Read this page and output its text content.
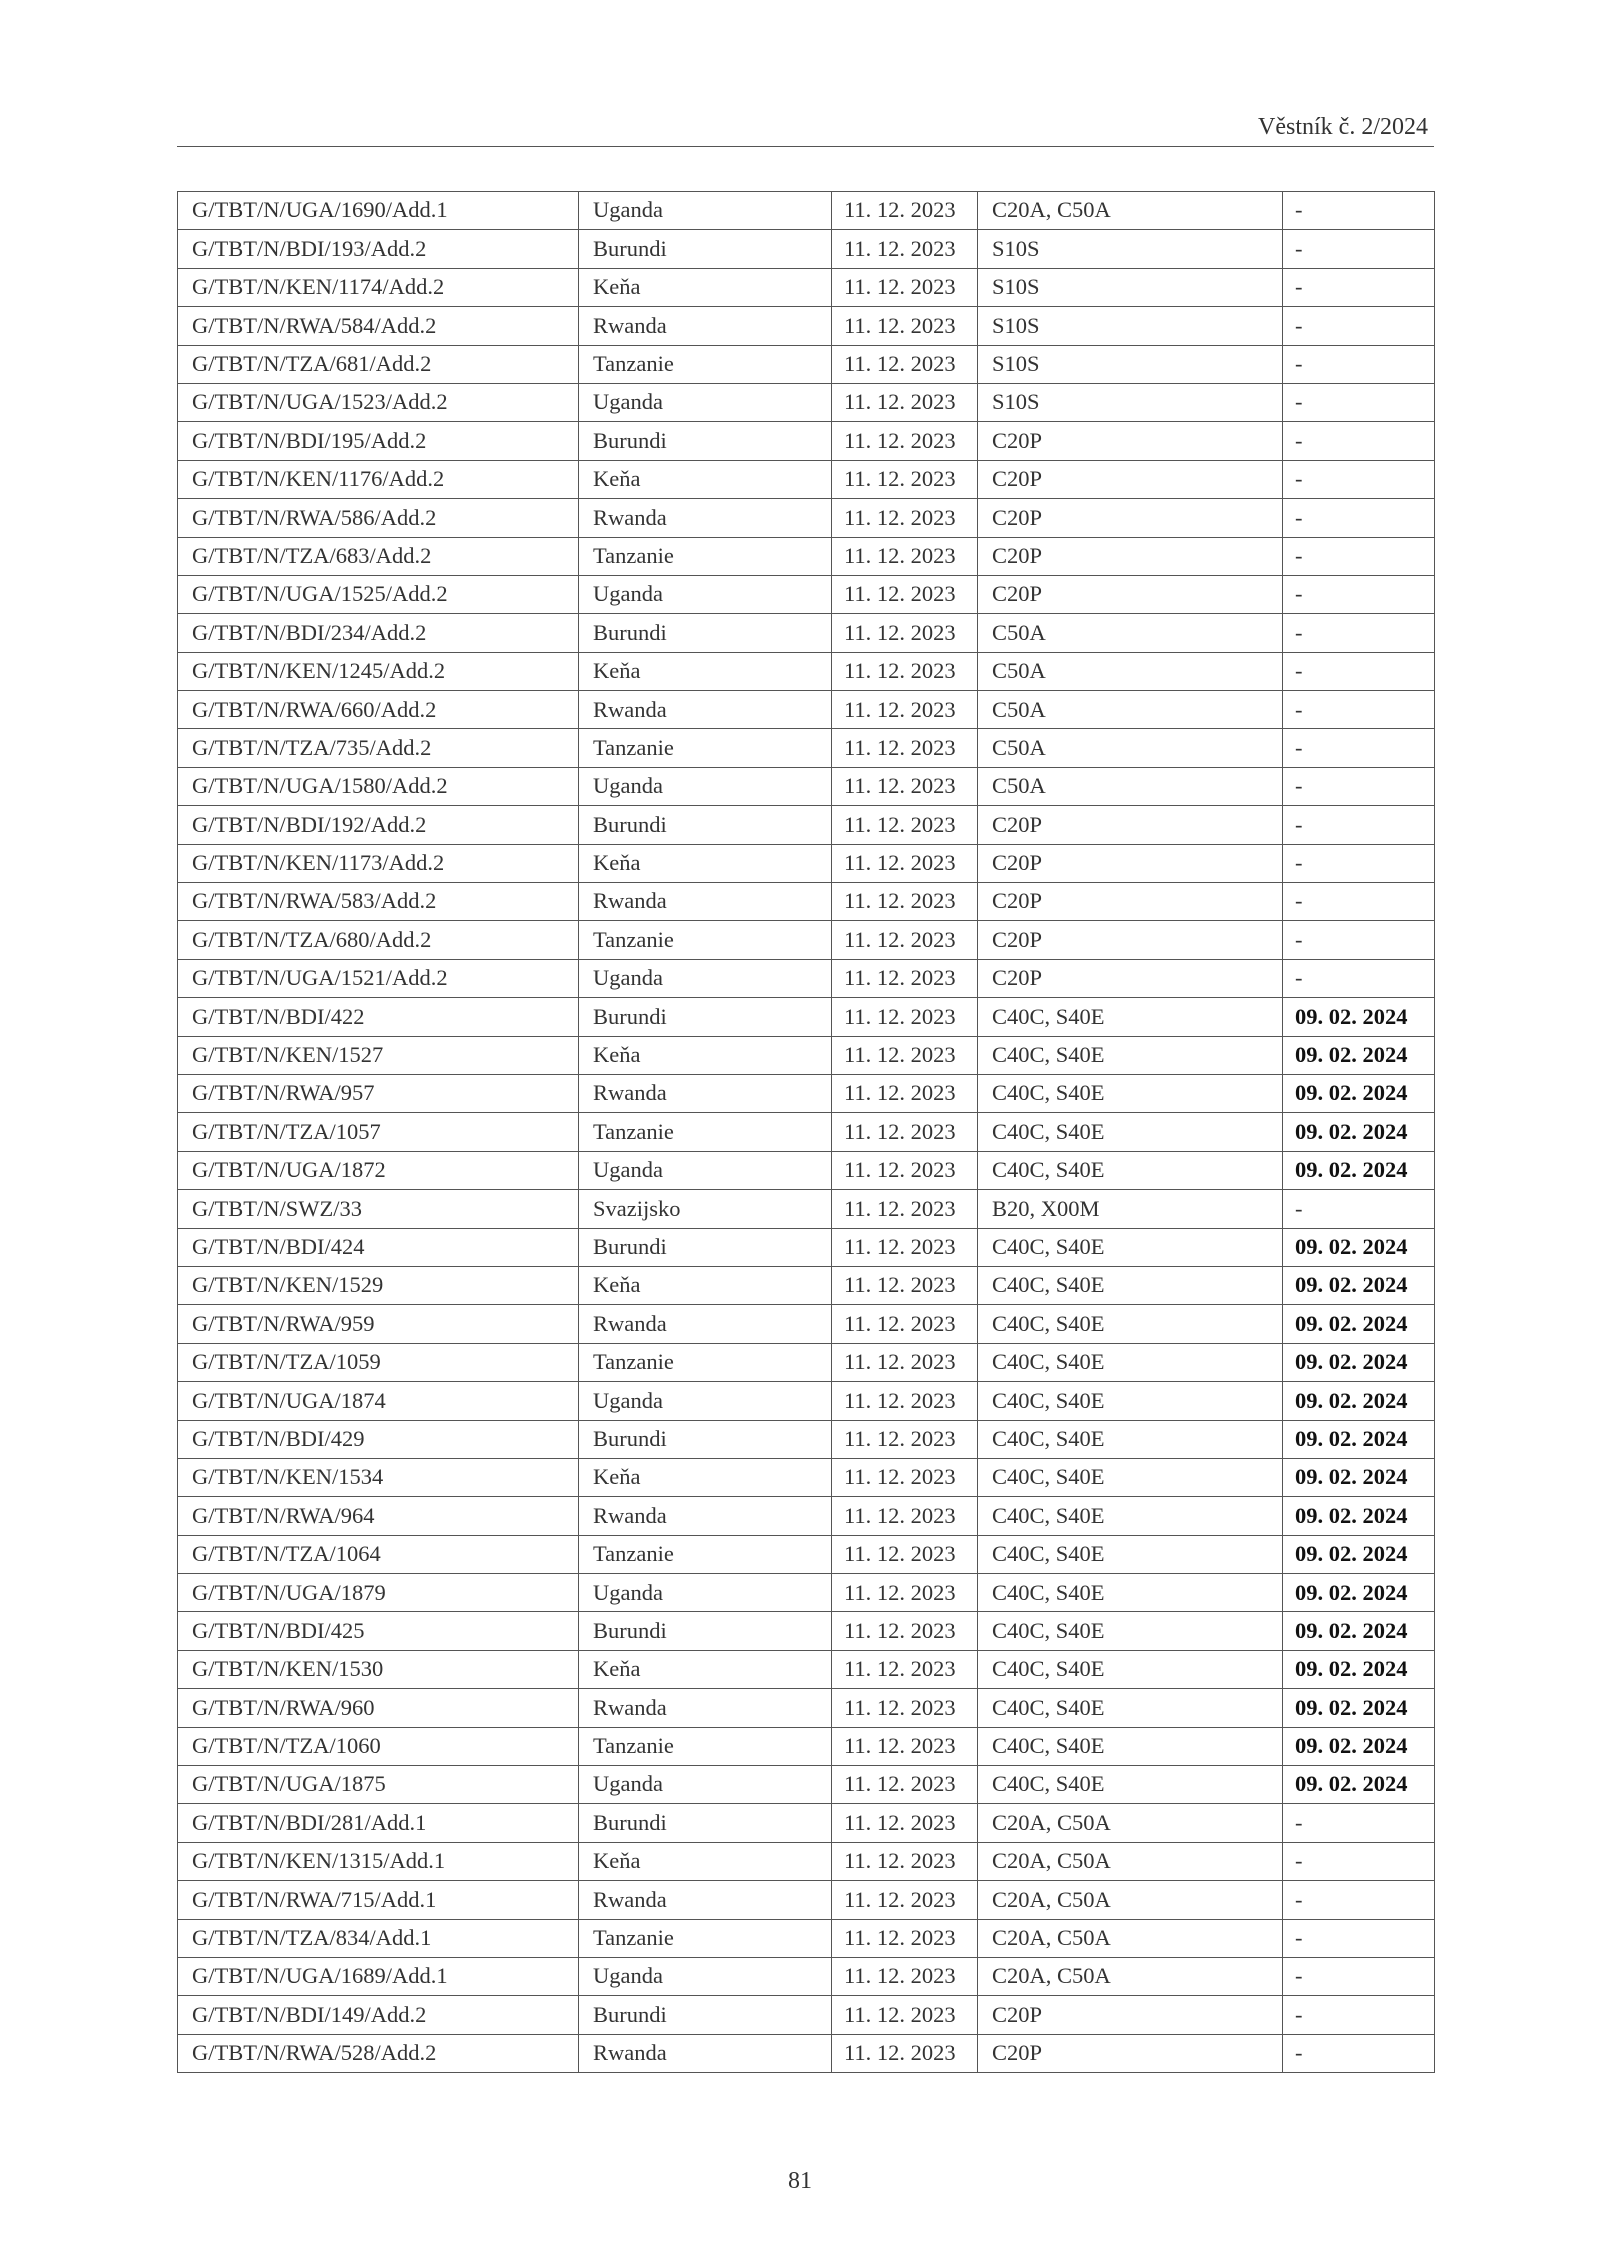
Věstník č. 2/2024
G/TBT/N/UGA/1690/Add.1	Uganda	11. 12. 2023	C20A, C50A	-
G/TBT/N/BDI/193/Add.2	Burundi	11. 12. 2023	S10S	-
G/TBT/N/KEN/1174/Add.2	Keňa	11. 12. 2023	S10S	-
G/TBT/N/RWA/584/Add.2	Rwanda	11. 12. 2023	S10S	-
G/TBT/N/TZA/681/Add.2	Tanzanie	11. 12. 2023	S10S	-
G/TBT/N/UGA/1523/Add.2	Uganda	11. 12. 2023	S10S	-
G/TBT/N/BDI/195/Add.2	Burundi	11. 12. 2023	C20P	-
G/TBT/N/KEN/1176/Add.2	Keňa	11. 12. 2023	C20P	-
G/TBT/N/RWA/586/Add.2	Rwanda	11. 12. 2023	C20P	-
G/TBT/N/TZA/683/Add.2	Tanzanie	11. 12. 2023	C20P	-
G/TBT/N/UGA/1525/Add.2	Uganda	11. 12. 2023	C20P	-
G/TBT/N/BDI/234/Add.2	Burundi	11. 12. 2023	C50A	-
G/TBT/N/KEN/1245/Add.2	Keňa	11. 12. 2023	C50A	-
G/TBT/N/RWA/660/Add.2	Rwanda	11. 12. 2023	C50A	-
G/TBT/N/TZA/735/Add.2	Tanzanie	11. 12. 2023	C50A	-
G/TBT/N/UGA/1580/Add.2	Uganda	11. 12. 2023	C50A	-
G/TBT/N/BDI/192/Add.2	Burundi	11. 12. 2023	C20P	-
G/TBT/N/KEN/1173/Add.2	Keňa	11. 12. 2023	C20P	-
G/TBT/N/RWA/583/Add.2	Rwanda	11. 12. 2023	C20P	-
G/TBT/N/TZA/680/Add.2	Tanzanie	11. 12. 2023	C20P	-
G/TBT/N/UGA/1521/Add.2	Uganda	11. 12. 2023	C20P	-
G/TBT/N/BDI/422	Burundi	11. 12. 2023	C40C, S40E	09. 02. 2024
G/TBT/N/KEN/1527	Keňa	11. 12. 2023	C40C, S40E	09. 02. 2024
G/TBT/N/RWA/957	Rwanda	11. 12. 2023	C40C, S40E	09. 02. 2024
G/TBT/N/TZA/1057	Tanzanie	11. 12. 2023	C40C, S40E	09. 02. 2024
G/TBT/N/UGA/1872	Uganda	11. 12. 2023	C40C, S40E	09. 02. 2024
G/TBT/N/SWZ/33	Svazijsko	11. 12. 2023	B20, X00M	-
G/TBT/N/BDI/424	Burundi	11. 12. 2023	C40C, S40E	09. 02. 2024
G/TBT/N/KEN/1529	Keňa	11. 12. 2023	C40C, S40E	09. 02. 2024
G/TBT/N/RWA/959	Rwanda	11. 12. 2023	C40C, S40E	09. 02. 2024
G/TBT/N/TZA/1059	Tanzanie	11. 12. 2023	C40C, S40E	09. 02. 2024
G/TBT/N/UGA/1874	Uganda	11. 12. 2023	C40C, S40E	09. 02. 2024
G/TBT/N/BDI/429	Burundi	11. 12. 2023	C40C, S40E	09. 02. 2024
G/TBT/N/KEN/1534	Keňa	11. 12. 2023	C40C, S40E	09. 02. 2024
G/TBT/N/RWA/964	Rwanda	11. 12. 2023	C40C, S40E	09. 02. 2024
G/TBT/N/TZA/1064	Tanzanie	11. 12. 2023	C40C, S40E	09. 02. 2024
G/TBT/N/UGA/1879	Uganda	11. 12. 2023	C40C, S40E	09. 02. 2024
G/TBT/N/BDI/425	Burundi	11. 12. 2023	C40C, S40E	09. 02. 2024
G/TBT/N/KEN/1530	Keňa	11. 12. 2023	C40C, S40E	09. 02. 2024
G/TBT/N/RWA/960	Rwanda	11. 12. 2023	C40C, S40E	09. 02. 2024
G/TBT/N/TZA/1060	Tanzanie	11. 12. 2023	C40C, S40E	09. 02. 2024
G/TBT/N/UGA/1875	Uganda	11. 12. 2023	C40C, S40E	09. 02. 2024
G/TBT/N/BDI/281/Add.1	Burundi	11. 12. 2023	C20A, C50A	-
G/TBT/N/KEN/1315/Add.1	Keňa	11. 12. 2023	C20A, C50A	-
G/TBT/N/RWA/715/Add.1	Rwanda	11. 12. 2023	C20A, C50A	-
G/TBT/N/TZA/834/Add.1	Tanzanie	11. 12. 2023	C20A, C50A	-
G/TBT/N/UGA/1689/Add.1	Uganda	11. 12. 2023	C20A, C50A	-
G/TBT/N/BDI/149/Add.2	Burundi	11. 12. 2023	C20P	-
G/TBT/N/RWA/528/Add.2	Rwanda	11. 12. 2023	C20P	-
81
